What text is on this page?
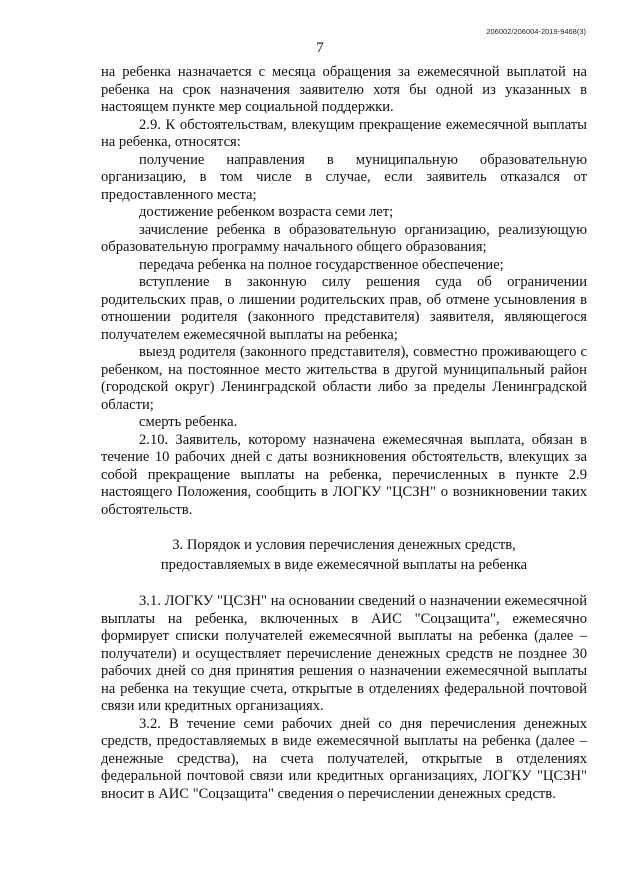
206002/206004-2019-9468(3)
7

на ребенка назначается с месяца обращения за ежемесячной выплатой на ребенка на срок назначения заявителю хотя бы одной из указанных в настоящем пункте мер социальной поддержки.

2.9. К обстоятельствам, влекущим прекращение ежемесячной выплаты на ребенка, относятся:

получение направления в муниципальную образовательную организацию, в том числе в случае, если заявитель отказался от предоставленного места;

достижение ребенком возраста семи лет;

зачисление ребенка в образовательную организацию, реализующую образовательную программу начального общего образования;

передача ребенка на полное государственное обеспечение;

вступление в законную силу решения суда об ограничении родительских прав, о лишении родительских прав, об отмене усыновления в отношении родителя (законного представителя) заявителя, являющегося получателем ежемесячной выплаты на ребенка;

выезд родителя (законного представителя), совместно проживающего с ребенком, на постоянное место жительства в другой муниципальный район (городской округ) Ленинградской области либо за пределы Ленинградской области;

смерть ребенка.

2.10. Заявитель, которому назначена ежемесячная выплата, обязан в течение 10 рабочих дней с даты возникновения обстоятельств, влекущих за собой прекращение выплаты на ребенка, перечисленных в пункте 2.9 настоящего Положения, сообщить в ЛОГКУ "ЦСЗН" о возникновении таких обстоятельств.

3. Порядок и условия перечисления денежных средств,
предоставляемых в виде ежемесячной выплаты на ребенка

3.1. ЛОГКУ "ЦСЗН" на основании сведений о назначении ежемесячной выплаты на ребенка, включенных в АИС "Соцзащита", ежемесячно формирует списки получателей ежемесячной выплаты на ребенка (далее – получатели) и осуществляет перечисление денежных средств не позднее 30 рабочих дней со дня принятия решения о назначении ежемесячной выплаты на ребенка на текущие счета, открытые в отделениях федеральной почтовой связи или кредитных организациях.

3.2. В течение семи рабочих дней со дня перечисления денежных средств, предоставляемых в виде ежемесячной выплаты на ребенка (далее – денежные средства), на счета получателей, открытые в отделениях федеральной почтовой связи или кредитных организациях, ЛОГКУ "ЦСЗН" вносит в АИС "Соцзащита" сведения о перечислении денежных средств.
